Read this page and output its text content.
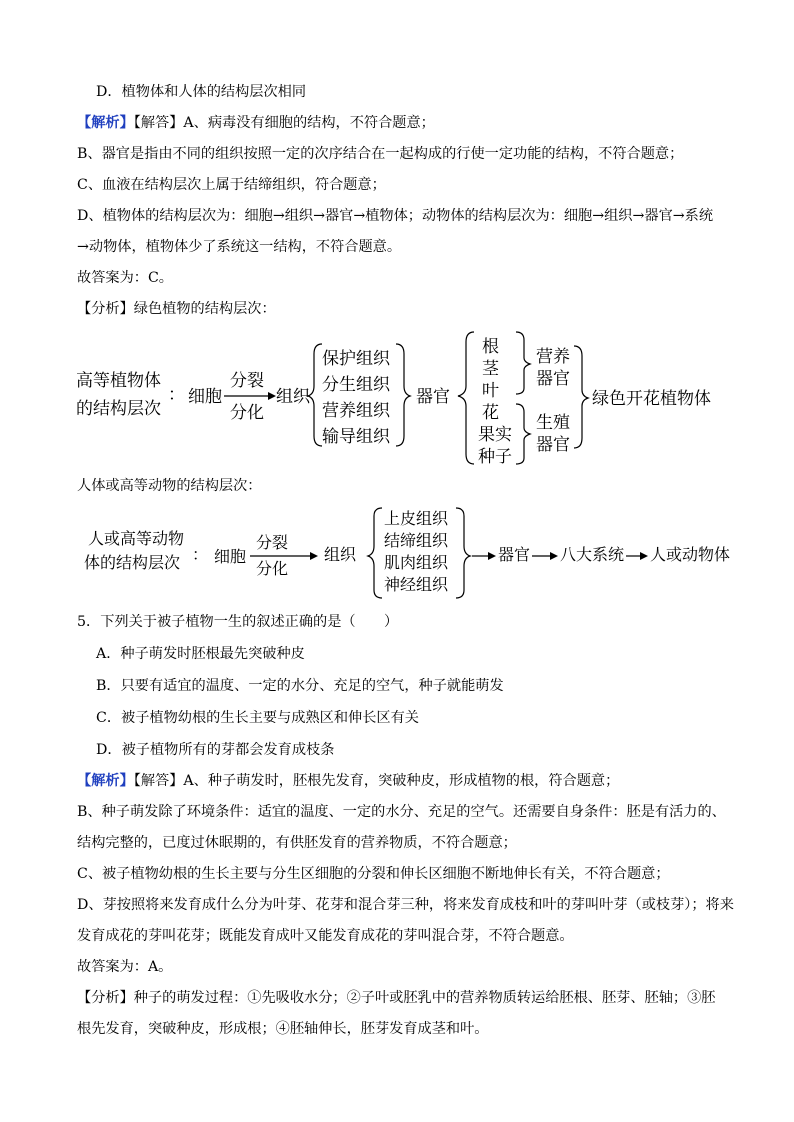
D．植物体和人体的结构层次相同
【解析】【解答】A、病毒没有细胞的结构，不符合题意；
B、器官是指由不同的组织按照一定的次序结合在一起构成的行使一定功能的结构，不符合题意；
C、血液在结构层次上属于结缔组织，符合题意；
D、植物体的结构层次为：细胞→组织→器官→植物体；动物体的结构层次为：细胞→组织→器官→系统
→动物体，植物体少了系统这一结构，不符合题意。
故答案为：C。
【分析】绿色植物的结构层次：
高等植物体
的结构层次
： 细胞
分裂
分化
组织
保护组织
分生组织
营养组织
输导组织
器官
根
茎
叶
花
果实
种子
营养
器官
生殖
器官
绿色开花植物体
人体或高等动物的结构层次：
人或高等动物
体的结构层次 ： 细胞
分裂
分化
组织
上皮组织
结缔组织
肌肉组织
神经组织
器官 八大系统 人或动物体
5．下列关于被子植物一生的叙述正确的是（　　）
A．种子萌发时胚根最先突破种皮
B．只要有适宜的温度、一定的水分、充足的空气，种子就能萌发
C．被子植物幼根的生长主要与成熟区和伸长区有关
D．被子植物所有的芽都会发育成枝条
【解析】【解答】A、种子萌发时，胚根先发育，突破种皮，形成植物的根，符合题意；
B、种子萌发除了环境条件：适宜的温度、一定的水分、充足的空气。还需要自身条件：胚是有活力的、
结构完整的，已度过休眠期的，有供胚发育的营养物质，不符合题意；
C、被子植物幼根的生长主要与分生区细胞的分裂和伸长区细胞不断地伸长有关，不符合题意；
D、芽按照将来发育成什么分为叶芽、花芽和混合芽三种，将来发育成枝和叶的芽叫叶芽（或枝芽）；将来
发育成花的芽叫花芽；既能发育成叶又能发育成花的芽叫混合芽，不符合题意。
故答案为：A。
【分析】种子的萌发过程：①先吸收水分；②子叶或胚乳中的营养物质转运给胚根、胚芽、胚轴；③胚
根先发育，突破种皮，形成根；④胚轴伸长，胚芽发育成茎和叶。
